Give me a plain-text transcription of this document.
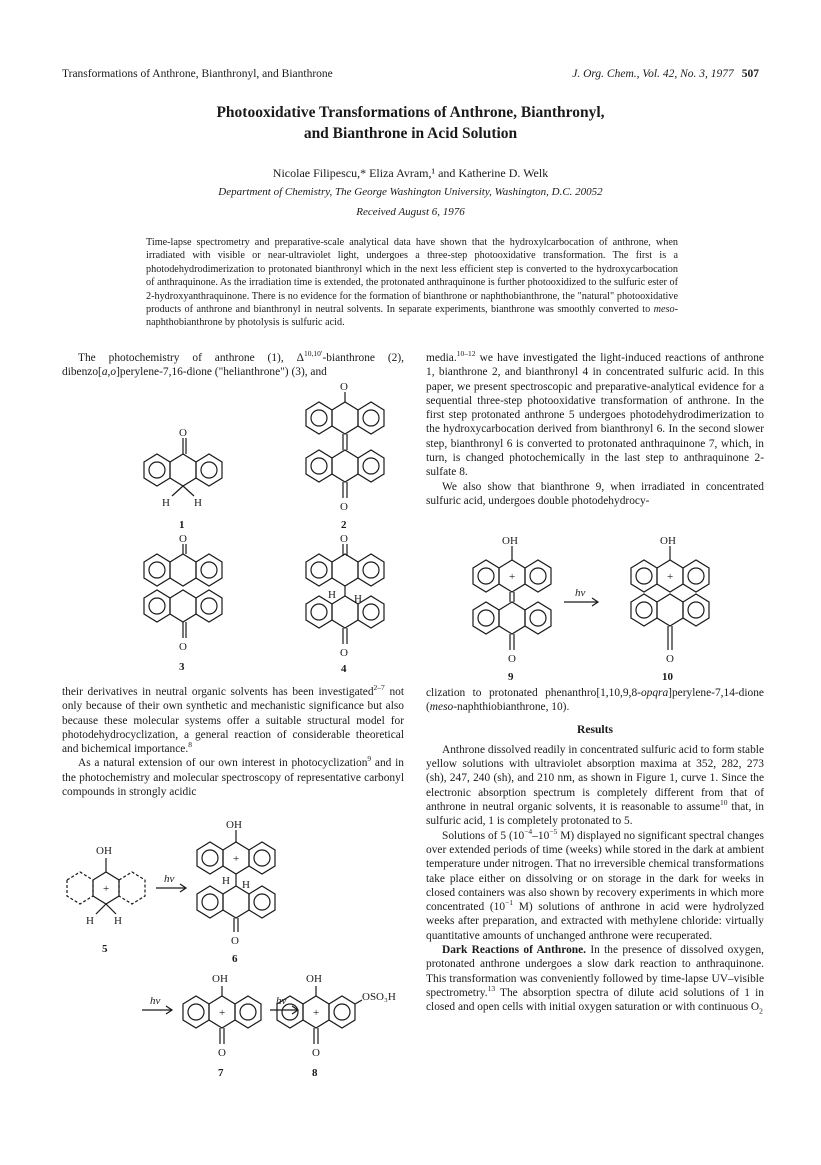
Transformations of Anthrone, Bianthronyl, and Bianthrone	J. Org. Chem., Vol. 42, No. 3, 1977 507
Photooxidative Transformations of Anthrone, Bianthronyl,
and Bianthrone in Acid Solution
Nicolae Filipescu,* Eliza Avram,¹ and Katherine D. Welk
Department of Chemistry, The George Washington University, Washington, D.C. 20052
Received August 6, 1976
Time-lapse spectrometry and preparative-scale analytical data have shown that the hydroxylcarbocation of anthrone, when irradiated with visible or near-ultraviolet light, undergoes a three-step photooxidative transformation. The first is a photodehydrodimerization to protonated bianthronyl which in the next less efficient step is converted to the hydroxycarbocation of anthraquinone. As the irradiation time is extended, the protonated anthraquinone is further photooxidized to the sulfuric ester of 2-hydroxyanthraquinone. There is no evidence for the formation of bianthrone or naphthobianthrone, the "natural" photooxidative products of anthrone and bianthronyl in neutral solvents. In separate experiments, bianthrone was smoothly converted to meso-naphthobianthrone by photolysis is sulfuric acid.

The photochemistry of anthrone (1), $\Delta^{10,10'}$-bianthrone (2), dibenzo[a,o]perylene-7,16-dione ("helianthrone") (3), and

their derivatives in neutral organic solvents has been investigated$^{2-7}$ not only because of their own synthetic and mechanistic significance but also because these molecular systems offer a suitable structural model for photodehydrocyclization, a general reaction of considerable theoretical and bichemical importance.$^8$

As a natural extension of our own interest in photocyclization$^9$ and in the photochemistry and molecular spectroscopy of representative carbonyl compounds in strongly acidic

media.$^{10-12}$ we have investigated the light-induced reactions of anthrone 1, bianthrone 2, and bianthronyl 4 in concentrated sulfuric acid. In this paper, we present spectroscopic and preparative-analytical evidence for a sequential three-step photooxidative transformation of anthrone. In the first step protonated anthrone 5 undergoes photodehydrodimerization to the hydroxycarbocation derived from bianthronyl 6. In the second slower step, bianthronyl 6 is converted to protonated anthraquinone 7, which, in turn, is changed photochemically in the last step to anthraquinone 2-sulfate 8.

We also show that bianthrone 9, when irradiated in concentrated sulfuric acid, undergoes double photodehydrocy-

clization to protonated phenanthro[1,10,9,8-opqra]perylene-7,14-dione (meso-naphthiobianthrone, 10).

Results

Anthrone dissolved readily in concentrated sulfuric acid to form stable yellow solutions with ultraviolet absorption maxima at 352, 282, 273 (sh), 247, 240 (sh), and 210 nm, as shown in Figure 1, curve 1. Since the electronic absorption spectrum is completely different from that of anthrone in neutral organic solvents, it is reasonable to assume$^{10}$ that, in sulfuric acid, 1 is completely protonated to 5.

Solutions of 5 ($10^{-4}-10^{-5}$ M) displayed no significant spectral changes over extended periods of time (weeks) while stored in the dark at ambient temperature under nitrogen. That no irreversible chemical transformations take place either on dissolving or on storage in the dark for weeks in closed containers was also shown by recovery experiments in which more concentrated ($10^{-1}$ M) solutions of anthrone in acid were hydrolyzed weeks after preparation, and extracted with methylene chloride: virtually quantitative amounts of unchanged anthrone were recuperated.

Dark Reactions of Anthrone. In the presence of dissolved oxygen, protonated anthrone undergoes a slow dark reaction to anthraquinone. This transformation was conveniently followed by time-lapse UV–visible spectrometry.$^{13}$ The absorption spectra of dilute acid solutions of 1 in closed and open cells with initial oxygen saturation or with continuous $O_2$

O
H H
1
O
O
2
O
O
3
O
H H
O
4
OH
+
hν
O
9
OH
+
O
10
OH
+
H H
5
hν
OH
+
H H
O
6
hν
OH
+
O
7
hν
OH
+
OSO₃H
O
8
